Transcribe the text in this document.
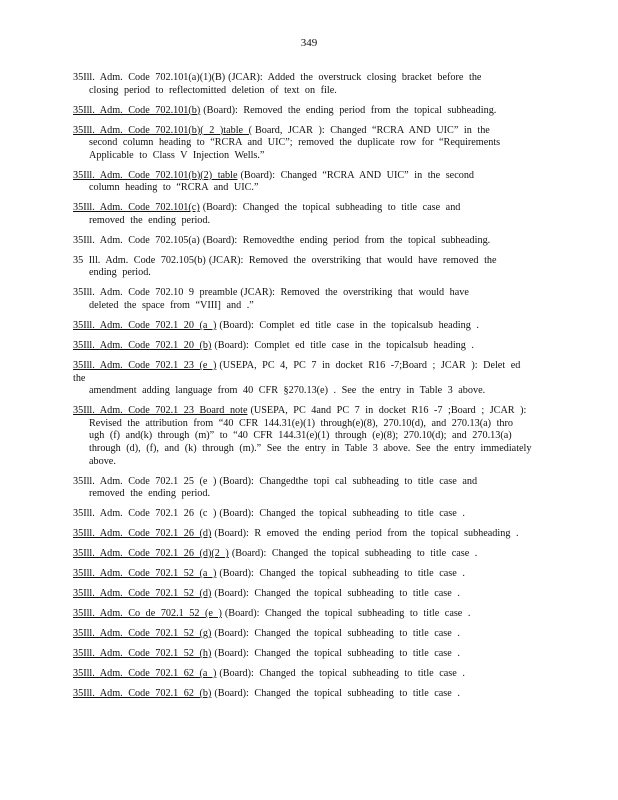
349

35Ill. Adm. Code 702.101(a)(1)(B) (JCAR): Added the overstruck closing bracket before the
closing period to reflectomitted deletion of text on file.

35Ill. Adm. Code 702.101(b) (Board): Removed the ending period from the topical subheading.

35Ill. Adm. Code 702.101(b)( 2 )table ( Board, JCAR ): Changed “RCRA AND UIC” in the
second column heading to “RCRA and UIC”; removed the duplicate row for “Requirements Applicable to Class V Injection Wells.”

35Ill. Adm. Code 702.101(b)(2) table (Board): Changed “RCRA AND UIC” in the second
column heading to “RCRA and UIC.”

35Ill. Adm. Code 702.101(c) (Board): Changed the topical subheading to title case and
removed the ending period.

35Ill. Adm. Code 702.105(a) (Board): Removedthe ending period from the topical subheading.

35 Ill. Adm. Code 702.105(b) (JCAR): Removed the overstriking that would have removed the
ending period.

35Ill. Adm. Code 702.10 9 preamble (JCAR): Removed the overstriking that would have
deleted the space from “VIII] and .”

35Ill. Adm. Code 702.1 20 (a ) (Board): Complet ed title case in the topicalsub heading .

35Ill. Adm. Code 702.1 20 (b) (Board): Complet ed title case in the topicalsub heading .

35Ill. Adm. Code 702.1 23 (e ) (USEPA, PC 4, PC 7 in docket R16 -7;Board ; JCAR ): Delet ed the
amendment adding language from 40 CFR §270.13(e) . See the entry in Table 3 above.

35Ill. Adm. Code 702.1 23 Board note (USEPA, PC 4and PC 7 in docket R16 -7 ;Board ; JCAR ):
Revised the attribution from “40 CFR 144.31(e)(1) through(e)(8), 270.10(d), and 270.13(a) thro ugh (f) and(k) through (m)” to “40 CFR 144.31(e)(1) through (e)(8); 270.10(d); and 270.13(a) through (d), (f), and (k) through (m).” See the entry in Table 3 above. See the entry immediately above.

35Ill. Adm. Code 702.1 25 (e ) (Board): Changedthe topi cal subheading to title case and
removed the ending period.

35Ill. Adm. Code 702.1 26 (c ) (Board): Changed the topical subheading to title case .

35Ill. Adm. Code 702.1 26 (d) (Board): R emoved the ending period from the topical subheading .

35Ill. Adm. Code 702.1 26 (d)(2 ) (Board): Changed the topical subheading to title case .

35Ill. Adm. Code 702.1 52 (a ) (Board): Changed the topical subheading to title case .

35Ill. Adm. Code 702.1 52 (d) (Board): Changed the topical subheading to title case .

35Ill. Adm. Co de 702.1 52 (e ) (Board): Changed the topical subheading to title case .

35Ill. Adm. Code 702.1 52 (g) (Board): Changed the topical subheading to title case .

35Ill. Adm. Code 702.1 52 (h) (Board): Changed the topical subheading to title case .

35Ill. Adm. Code 702.1 62 (a ) (Board): Changed the topical subheading to title case .

35Ill. Adm. Code 702.1 62 (b) (Board): Changed the topical subheading to title case .
